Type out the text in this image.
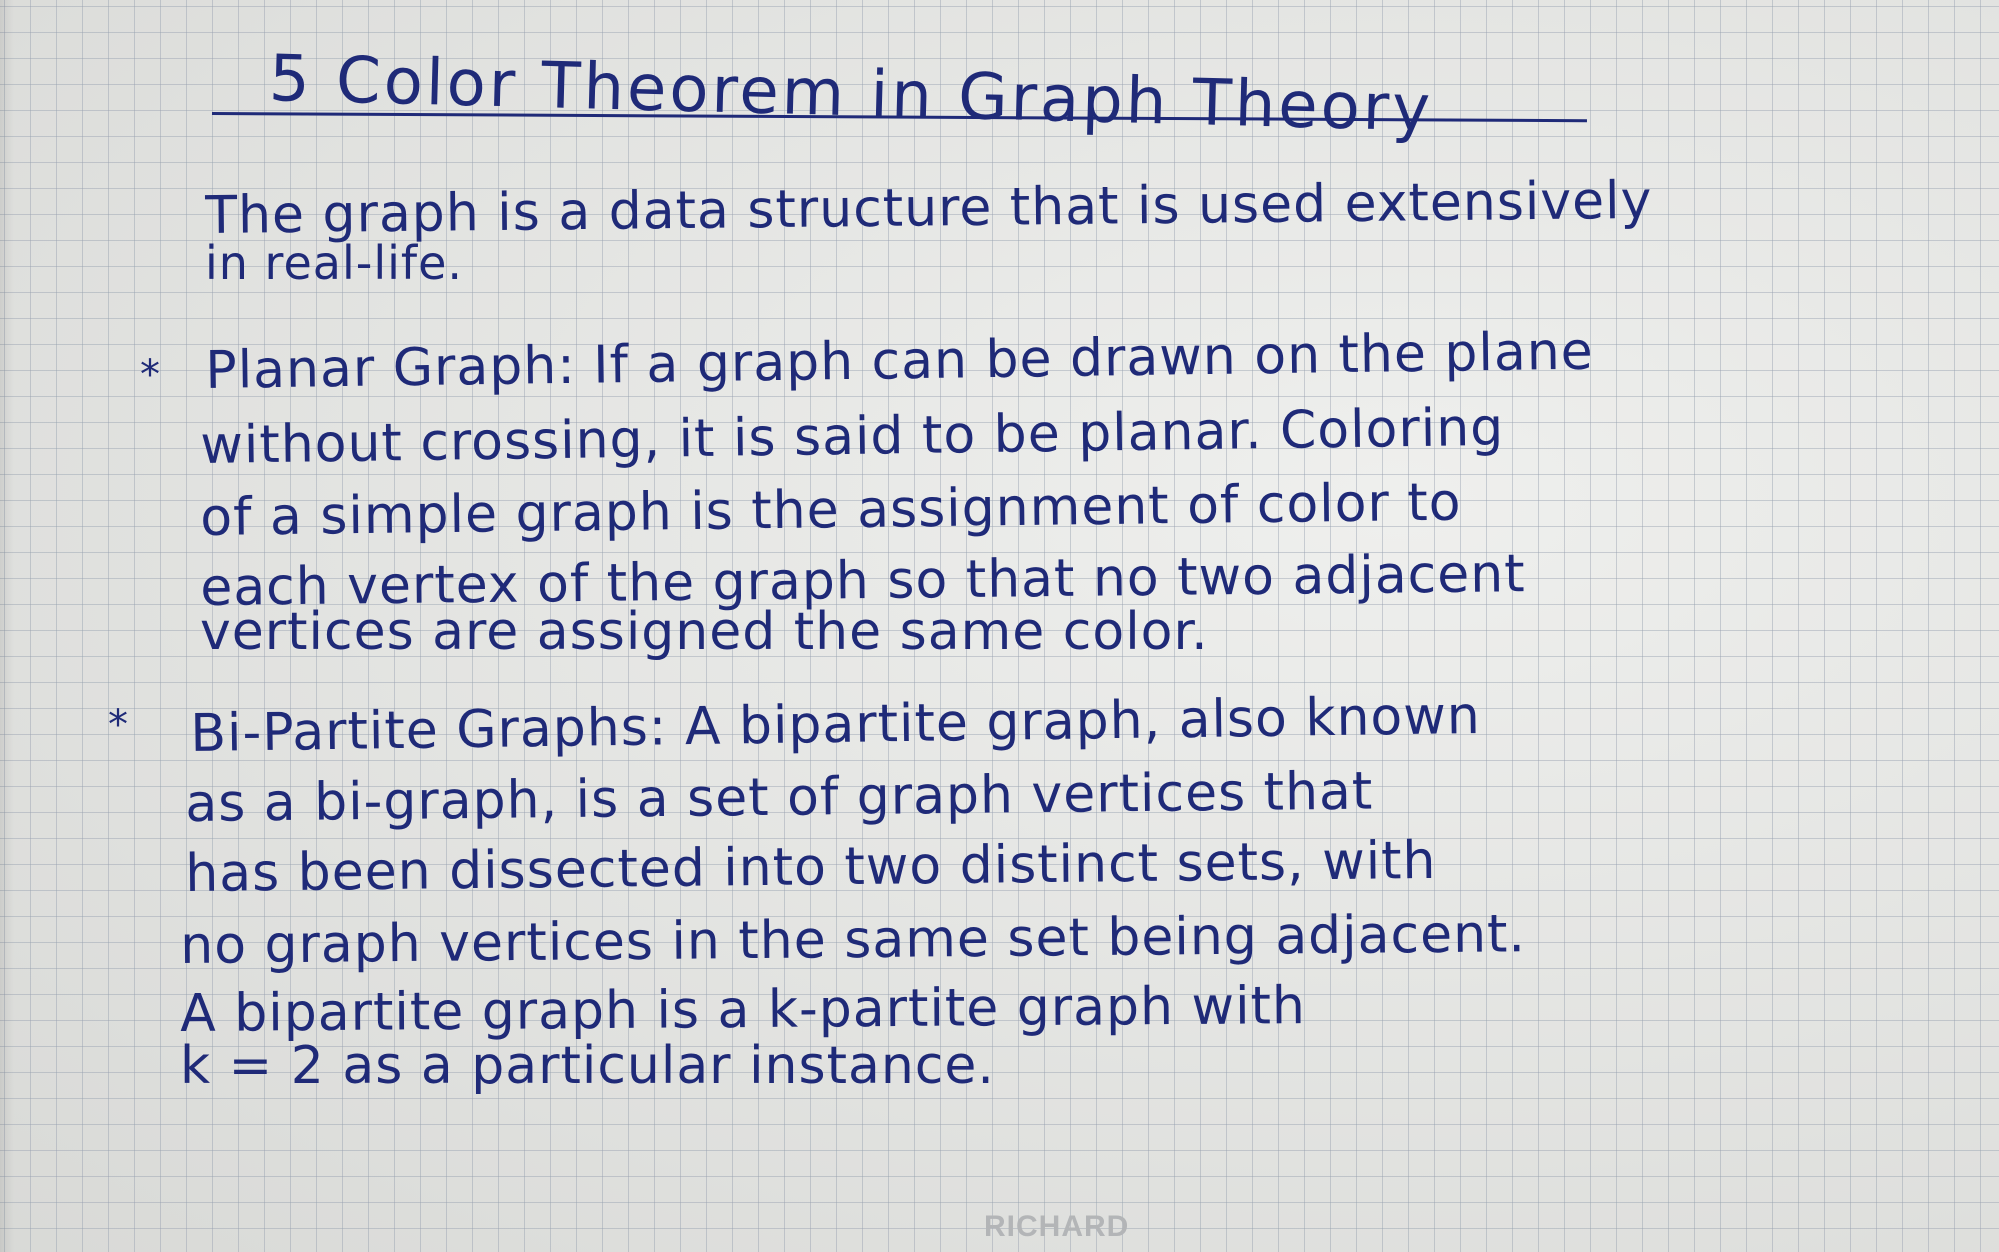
5 Color Theorem in Graph Theory
The graph is a data structure that is used extensively
in real-life.
* Planar Graph: If a graph can be drawn on the plane
without crossing, it is said to be planar. Coloring
of a simple graph is the assignment of color to
each vertex of the graph so that no two adjacent
vertices are assigned the same color.
* Bi-Partite Graphs: A bipartite graph, also known
as a bi-graph, is a set of graph vertices that
has been dissected into two distinct sets, with
no graph vertices in the same set being adjacent.
A bipartite graph is a k-partite graph with
k = 2 as a particular instance.
RICHARD
